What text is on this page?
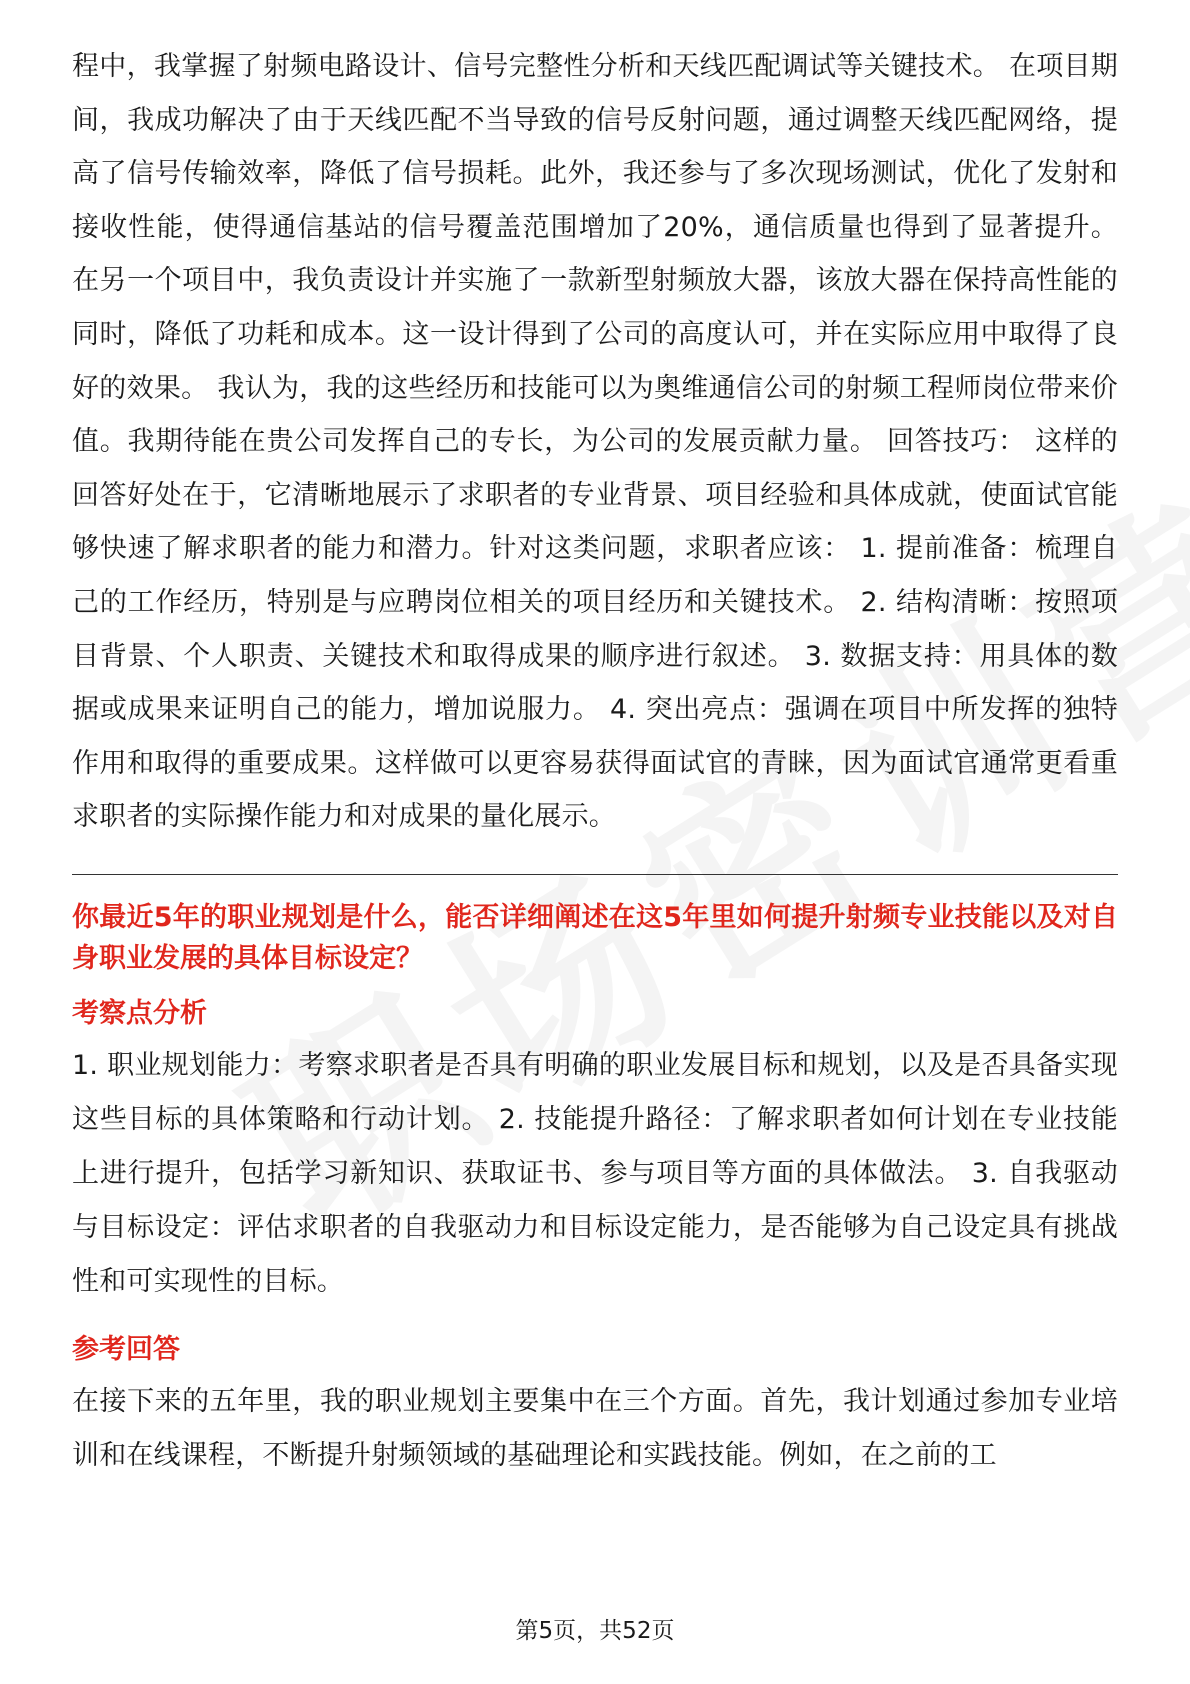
程中，我掌握了射频电路设计、信号完整性分析和天线匹配调试等关键技术。 在项目期间，我成功解决了由于天线匹配不当导致的信号反射问题，通过调整天线匹配网络，提高了信号传输效率，降低了信号损耗。此外，我还参与了多次现场测试，优化了发射和接收性能，使得通信基站的信号覆盖范围增加了20%，通信质量也得到了显著提升。 在另一个项目中，我负责设计并实施了一款新型射频放大器，该放大器在保持高性能的同时，降低了功耗和成本。这一设计得到了公司的高度认可，并在实际应用中取得了良好的效果。 我认为，我的这些经历和技能可以为奥维通信公司的射频工程师岗位带来价值。我期待能在贵公司发挥自己的专长，为公司的发展贡献力量。 回答技巧： 这样的回答好处在于，它清晰地展示了求职者的专业背景、项目经验和具体成就，使面试官能够快速了解求职者的能力和潜力。针对这类问题，求职者应该： 1. 提前准备：梳理自己的工作经历，特别是与应聘岗位相关的项目经历和关键技术。 2. 结构清晰：按照项目背景、个人职责、关键技术和取得成果的顺序进行叙述。 3. 数据支持：用具体的数据或成果来证明自己的能力，增加说服力。 4. 突出亮点：强调在项目中所发挥的独特作用和取得的重要成果。这样做可以更容易获得面试官的青睐，因为面试官通常更看重求职者的实际操作能力和对成果的量化展示。

你最近5年的职业规划是什么，能否详细阐述在这5年里如何提升射频专业技能以及对自身职业发展的具体目标设定？

考察点分析

1. 职业规划能力：考察求职者是否具有明确的职业发展目标和规划，以及是否具备实现这些目标的具体策略和行动计划。 2. 技能提升路径：了解求职者如何计划在专业技能上进行提升，包括学习新知识、获取证书、参与项目等方面的具体做法。 3. 自我驱动与目标设定：评估求职者的自我驱动力和目标设定能力，是否能够为自己设定具有挑战性和可实现性的目标。

参考回答

在接下来的五年里，我的职业规划主要集中在三个方面。首先，我计划通过参加专业培训和在线课程，不断提升射频领域的基础理论和实践技能。例如，在之前的工

第5页，共52页
